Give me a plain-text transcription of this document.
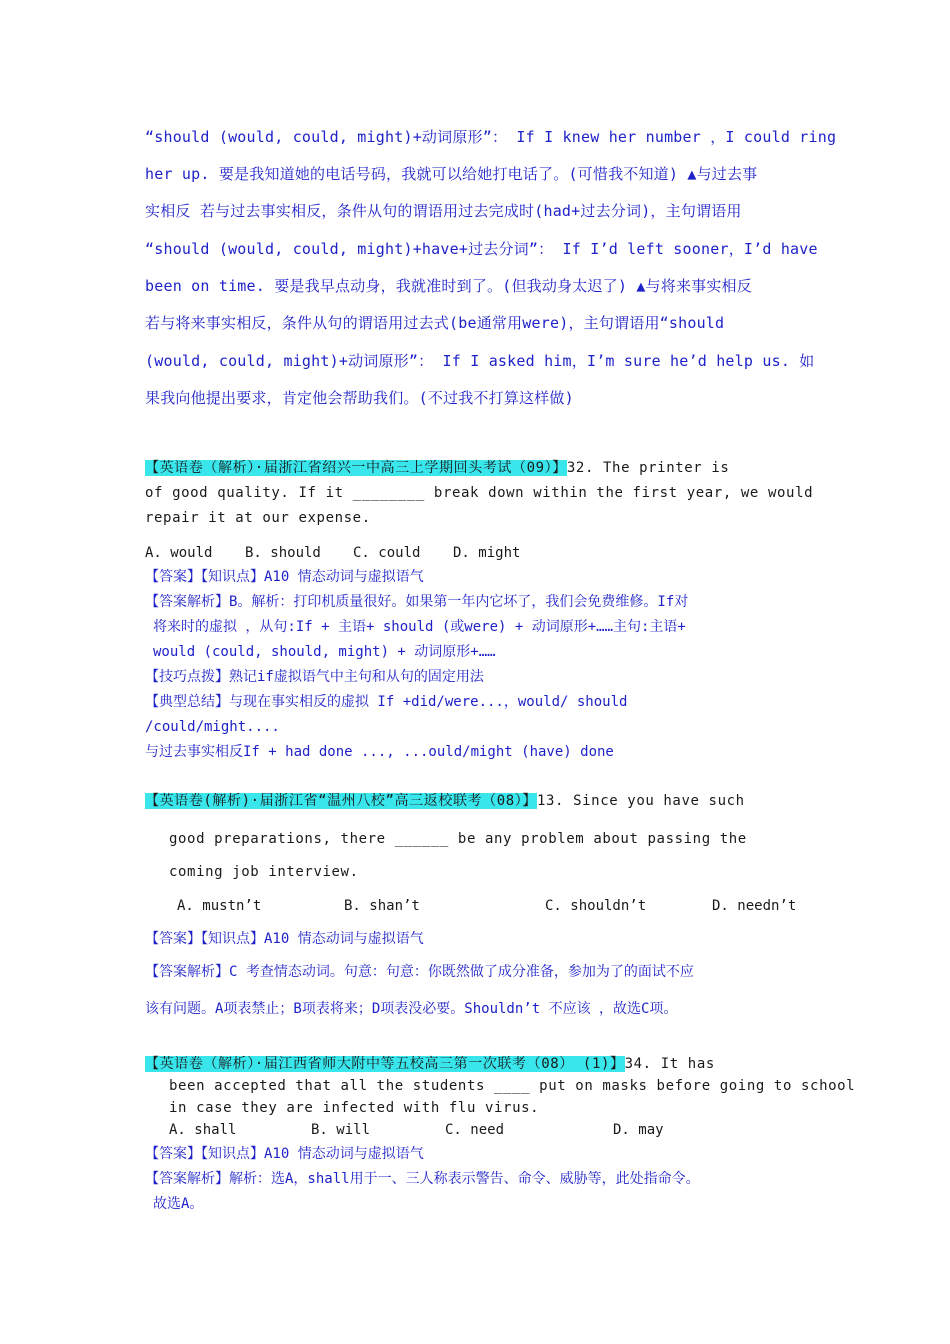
“should (would, could, might)+动词原形”： If I knew her number ，I could ring
her up. 要是我知道她的电话号码，我就可以给她打电话了。(可惜我不知道) ▲与过去事
实相反 若与过去事实相反，条件从句的谓语用过去完成时(had+过去分词)，主句谓语用
“should (would, could, might)+have+过去分词”： If I’d left sooner，I’d have
been on time. 要是我早点动身，我就准时到了。(但我动身太迟了) ▲与将来事实相反
若与将来事实相反，条件从句的谓语用过去式(be通常用were)，主句谓语用“should
(would, could, might)+动词原形”： If I asked him，I’m sure he’d help us. 如
果我向他提出要求，肯定他会帮助我们。(不过我不打算这样做)
【英语卷（解析）·届浙江省绍兴一中高三上学期回头考试（09）】32. The printer is
of good quality. If it ________ break down within the first year, we would
repair it at our expense.
A. would B. should C. could D. might
【答案】【知识点】A10 情态动词与虚拟语气
【答案解析】B。解析：打印机质量很好。如果第一年内它坏了，我们会免费维修。If对
将来时的虚拟 ，从句:If + 主语+ should (或were) + 动词原形+……主句:主语+
would (could, should, might) + 动词原形+……
【技巧点拨】熟记if虚拟语气中主句和从句的固定用法
【典型总结】与现在事实相反的虚拟 If +did/were...，would/ should
/could/might....
与过去事实相反If + had done ..., ...ould/might (have) done
【英语卷(解析)·届浙江省“温州八校”高三返校联考（08）】13. Since you have such
good preparations, there ______ be any problem about passing the
coming job interview.
A. mustn’t	B. shan’t	C. shouldn’t	D. needn’t
【答案】【知识点】A10 情态动词与虚拟语气
【答案解析】C 考查情态动词。句意：句意：你既然做了成分准备，参加为了的面试不应
该有问题。A项表禁止；B项表将来；D项表没必要。Shouldn’t 不应该 ，故选C项。
【英语卷（解析）·届江西省师大附中等五校高三第一次联考（08） (1)】34. It has
been accepted that all the students ____ put on masks before going to school
in case they are infected with flu virus.
A. shall	B. will	C. need	D. may
【答案】【知识点】A10 情态动词与虚拟语气
【答案解析】解析：选A，shall用于一、三人称表示警告、命令、威胁等，此处指命令。
故选A。
